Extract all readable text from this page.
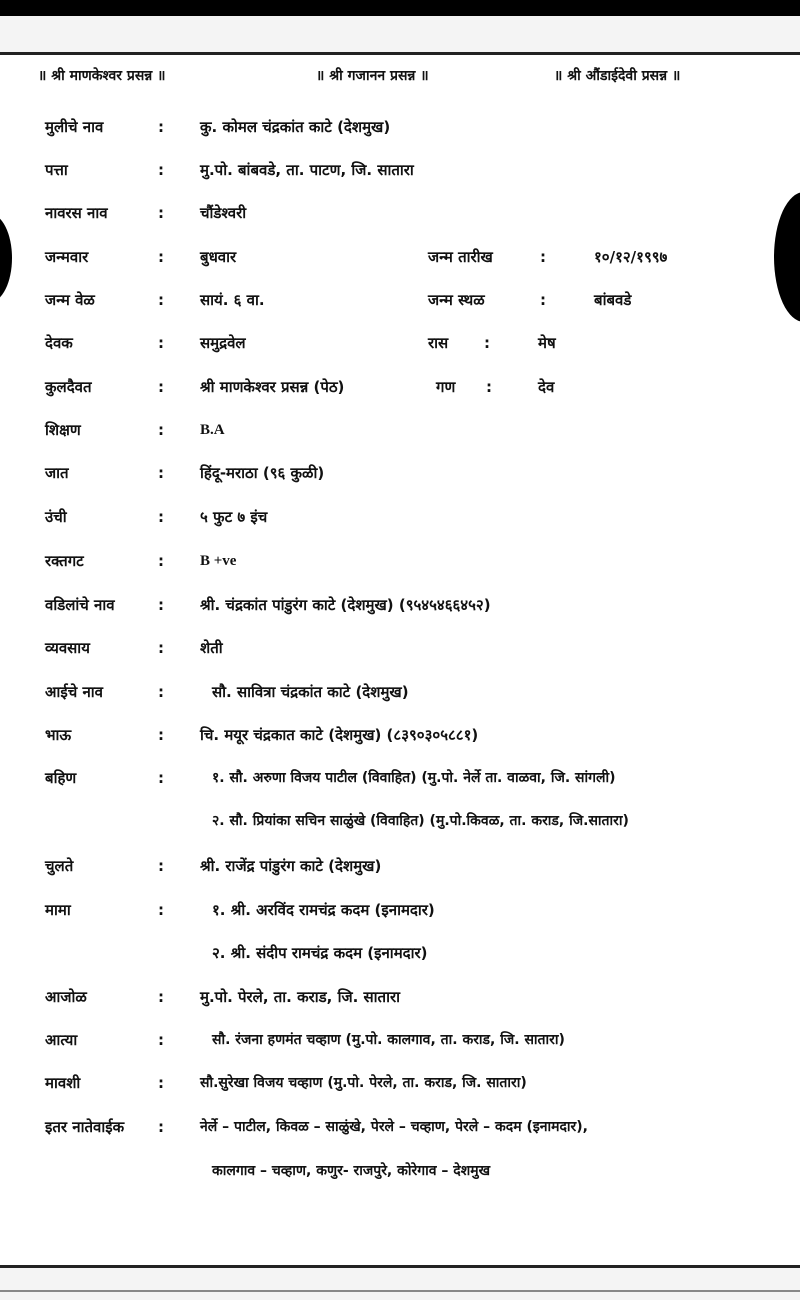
॥ श्री माणकेश्वर प्रसन्न ॥	॥ श्री गजानन प्रसन्न ॥	॥ श्री औंडाईदेवी प्रसन्न ॥
मुलीचे नाव	: कु. कोमल चंद्रकांत काटे (देशमुख)
पत्ता	: मु.पो. बांबवडे, ता. पाटण, जि. सातारा
नावरस नाव	: चौंडेश्वरी
जन्मवार	: बुधवार	जन्म तारीख	:	१०/१२/१९९७
जन्म वेळ	: सायं. ६ वा.	जन्म स्थळ	:	बांबवडे
देवक	: समुद्रवेल	रास :	मेष
कुलदैवत	: श्री माणकेश्वर प्रसन्न (पेठ)	गण :	देव
शिक्षण	: B.A
जात	: हिंदू-मराठा (९६ कुळी)
उंची	: ५ फुट ७ इंच
रक्तगट	: B +ve
वडिलांचे नाव	: श्री. चंद्रकांत पांडुरंग काटे (देशमुख) (९५४५४६६४५२)
व्यवसाय	: शेती
आईचे नाव	:	सौ. सावित्रा चंद्रकांत काटे (देशमुख)
भाऊ	: चि. मयूर चंद्रकात काटे (देशमुख) (८३९०३०५८८१)
बहिण	:	१. सौ. अरुणा विजय पाटील (विवाहित) (मु.पो. नेर्ले ता. वाळवा, जि. सांगली)
२. सौ. प्रियांका सचिन साळुंखे (विवाहित) (मु.पो.किवळ, ता. कराड, जि.सातारा)
चुलते	: श्री. राजेंद्र पांडुरंग काटे (देशमुख)
मामा	:	१. श्री. अरविंद रामचंद्र कदम (इनामदार)
२. श्री. संदीप रामचंद्र कदम (इनामदार)
आजोळ	: मु.पो. पेरले, ता. कराड, जि. सातारा
आत्या	:	सौ. रंजना हणमंत चव्हाण (मु.पो. कालगाव, ता. कराड, जि. सातारा)
मावशी	:	सौ.सुरेखा विजय चव्हाण (मु.पो. पेरले, ता. कराड, जि. सातारा)
इतर नातेवाईक :	नेर्ले – पाटील, किवळ – साळुंखे, पेरले – चव्हाण, पेरले – कदम (इनामदार),
कालगाव – चव्हाण, कणुर- राजपुरे, कोरेगाव – देशमुख
